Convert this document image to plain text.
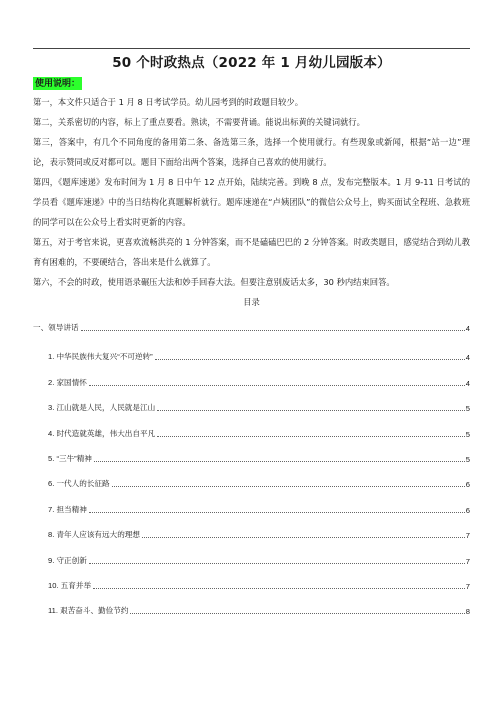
50 个时政热点（2022 年 1 月幼儿园版本）
使用说明：

第一，本文件只适合于 1 月 8 日考试学员。幼儿园考到的时政题目较少。

第二，关系密切的内容，标上了重点要看。熟读，不需要背诵。能说出标黄的关键词就行。

第三，答案中，有几个不同角度的备用第二条、备选第三条，选择一个使用就行。有些现象或新闻，根据“站一边”理论，表示赞同或反对都可以。题目下面给出两个答案，选择自己喜欢的使用就行。

第四，《题库速递》发布时间为 1 月 8 日中午 12 点开始，陆续完善。到晚 8 点，发布完整版本。1 月 9-11 日考试的学员看《题库速递》中的当日结构化真题解析就行。题库速递在“卢姨团队”的微信公众号上，购买面试全程班、急救班的同学可以在公众号上看实时更新的内容。

第五，对于考官来说，更喜欢流畅洪亮的 1 分钟答案，而不是磕磕巴巴的 2 分钟答案。时政类题目，感觉结合到幼儿教育有困难的，不要硬结合，答出来是什么就算了。

第六，不会的时政，使用语录碾压大法和妙手回春大法。但要注意别废话太多，30 秒内结束回答。

目录
一、领导讲话	4
1. 中华民族伟大复兴“不可逆转”	4
2. 家国情怀	4
3. 江山就是人民，人民就是江山	5
4. 时代造就英雄，伟大出自平凡	5
5. “三牛”精神	5
6. 一代人的长征路	6
7. 担当精神	6
8. 青年人应该有远大的理想	7
9. 守正创新	7
10. 五育并举	7
11. 艰苦奋斗、勤俭节约	8
